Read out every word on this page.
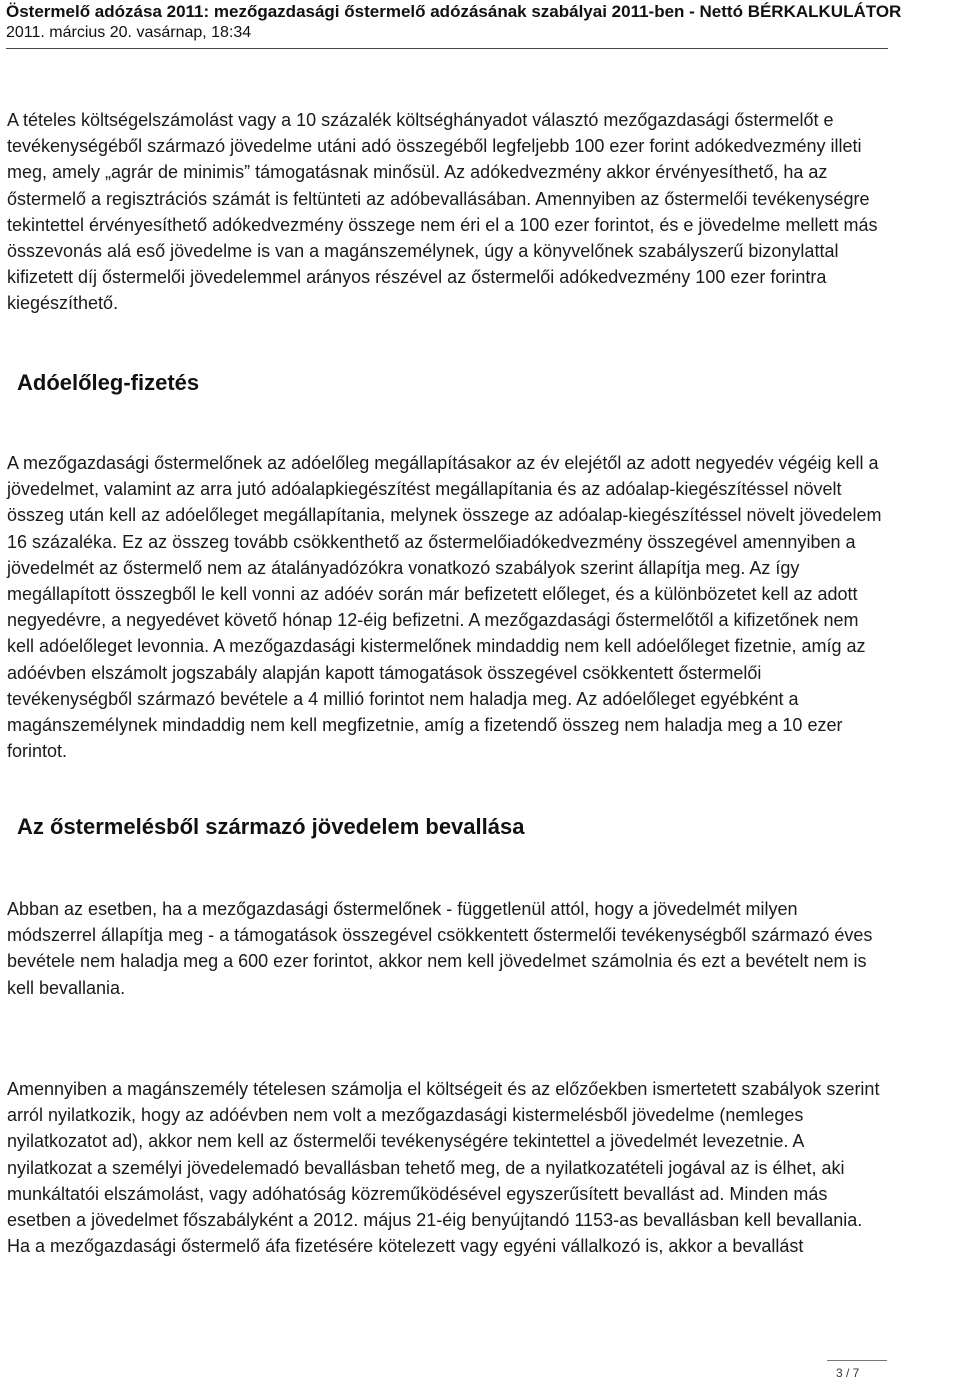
Östermelő adózása 2011: mezőgazdasági őstermelő adózásának szabályai 2011-ben - Nettó BÉRKALKULÁTOR
2011. március 20. vasárnap, 18:34

A tételes költségelszámolást vagy a 10 százalék költséghányadot választó mezőgazdasági őstermelőt e tevékenységéből származó jövedelme utáni adó összegéből legfeljebb 100 ezer forint adókedvezmény illeti meg, amely „agrár de minimis” támogatásnak minősül. Az adókedvezmény akkor érvényesíthető, ha az őstermelő a regisztrációs számát is feltünteti az adóbevallásában. Amennyiben az őstermelői tevékenységre tekintettel érvényesíthető adókedvezmény összege nem éri el a 100 ezer forintot, és e jövedelme mellett más összevonás alá eső jövedelme is van a magánszemélynek, úgy a könyvelőnek szabályszerű bizonylattal kifizetett díj őstermelői jövedelemmel arányos részével az őstermelői adókedvezmény 100 ezer forintra kiegészíthető.

Adóelőleg-fizetés

A mezőgazdasági őstermelőnek az adóelőleg megállapításakor az év elejétől az adott negyedév végéig kell a jövedelmet, valamint az arra jutó adóalapkiegészítést megállapítania és az adóalap-kiegészítéssel növelt összeg után kell az adóelőleget megállapítania, melynek összege az adóalap-kiegészítéssel növelt jövedelem 16 százaléka. Ez az összeg tovább csökkenthető az őstermelőiadókedvezmény összegével amennyiben a jövedelmét az őstermelő nem az átalányadózókra vonatkozó szabályok szerint állapítja meg. Az így megállapított összegből le kell vonni az adóév során már befizetett előleget, és a különbözetet kell az adott negyedévre, a negyedévet követő hónap 12-éig befizetni. A mezőgazdasági őstermelőtől a kifizetőnek nem kell adóelőleget levonnia. A mezőgazdasági kistermelőnek mindaddig nem kell adóelőleget fizetnie, amíg az adóévben elszámolt jogszabály alapján kapott támogatások összegével csökkentett őstermelői tevékenységből származó bevétele a 4 millió forintot nem haladja meg. Az adóelőleget egyébként a magánszemélynek mindaddig nem kell megfizetnie, amíg a fizetendő összeg nem haladja meg a 10 ezer forintot.

Az őstermelésből származó jövedelem bevallása

Abban az esetben, ha a mezőgazdasági őstermelőnek - függetlenül attól, hogy a jövedelmét milyen módszerrel állapítja meg - a támogatások összegével csökkentett őstermelői tevékenységből származó éves bevétele nem haladja meg a 600 ezer forintot, akkor nem kell jövedelmet számolnia és ezt a bevételt nem is kell bevallania.

Amennyiben a magánszemély tételesen számolja el költségeit és az előzőekben ismertetett szabályok szerint arról nyilatkozik, hogy az adóévben nem volt a mezőgazdasági kistermelésből jövedelme (nemleges nyilatkozatot ad), akkor nem kell az őstermelői tevékenységére tekintettel a jövedelmét levezetnie. A nyilatkozat a személyi jövedelemadó bevallásban tehető meg, de a nyilatkozatételi jogával az is élhet, aki munkáltatói elszámolást, vagy adóhatóság közreműködésével egyszerűsített bevallást ad. Minden más esetben a jövedelmet főszabályként a 2012. május 21-éig benyújtandó 1153-as bevallásban kell bevallania. Ha a mezőgazdasági őstermelő áfa fizetésére kötelezett vagy egyéni vállalkozó is, akkor a bevallást

3 / 7
